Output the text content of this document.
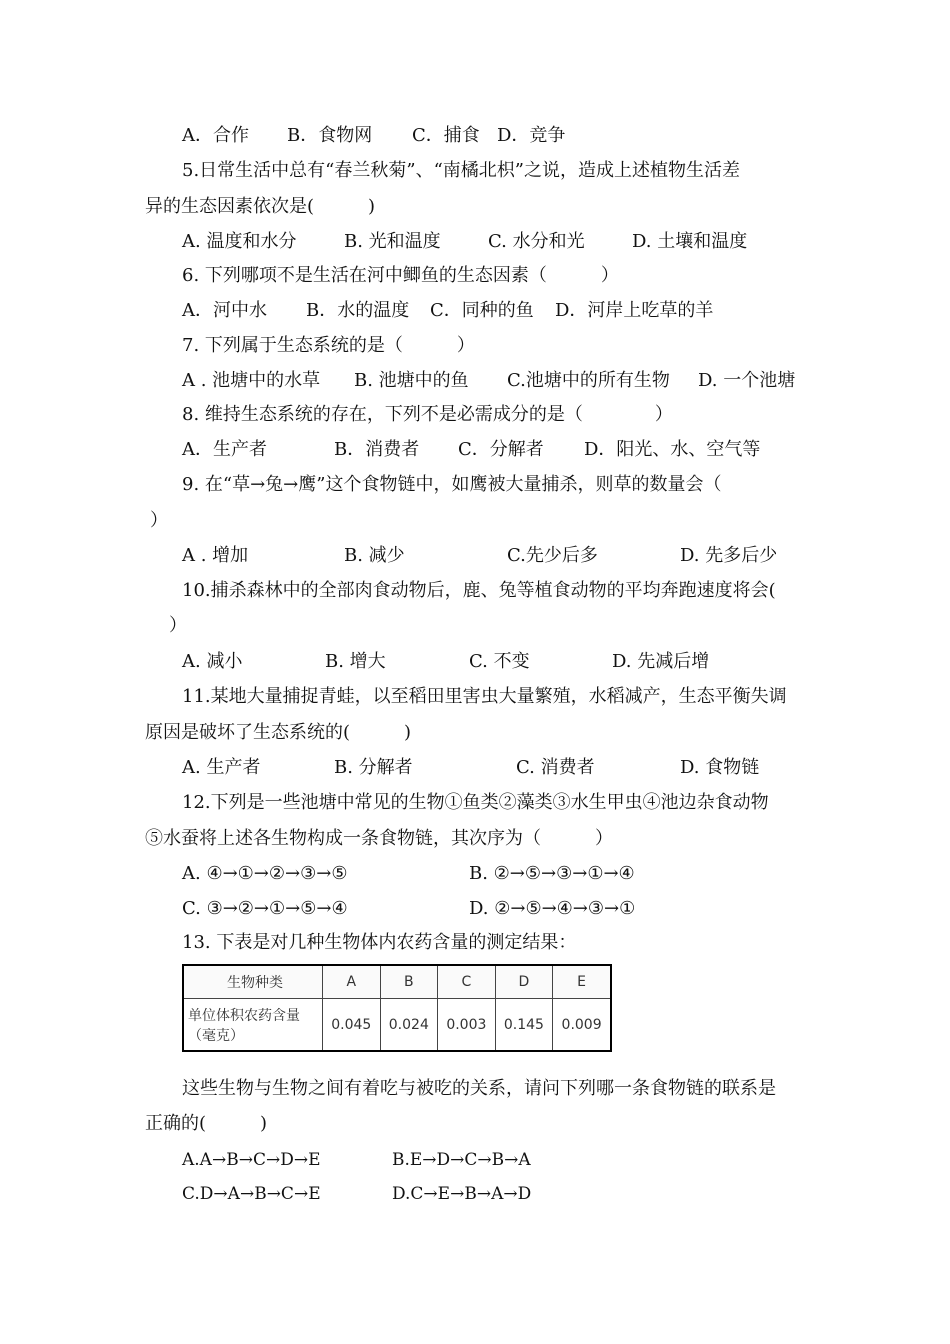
A．合作 B．食物网 C．捕食 D．竞争
5.日常生活中总有“春兰秋菊”、“南橘北枳”之说，造成上述植物生活差
异的生态因素依次是(　　　)
A. 温度和水分	B. 光和温度	C. 水分和光	D. 土壤和温度
6. 下列哪项不是生活在河中鲫鱼的生态因素（　　　）
A．河中水 B．水的温度 C．同种的鱼 D．河岸上吃草的羊
7. 下列属于生态系统的是（　　　）
A . 池塘中的水草 B. 池塘中的鱼 C.池塘中的所有生物 D. 一个池塘
8. 维持生态系统的存在，下列不是必需成分的是（　　　　）
A．生产者	B．消费者 C．分解者 D．阳光、水、空气等
9. 在“草→兔→鹰”这个食物链中，如鹰被大量捕杀，则草的数量会（
）
A . 增加	B. 减少	C.先少后多	D. 先多后少
10.捕杀森林中的全部肉食动物后，鹿、兔等植食动物的平均奔跑速度将会(
）
A. 减小	B. 增大	C. 不变	D. 先减后增
11.某地大量捕捉青蛙，以至稻田里害虫大量繁殖，水稻减产，生态平衡失调
原因是破坏了生态系统的(　　　)
A. 生产者	B. 分解者	C. 消费者	D. 食物链
12.下列是一些池塘中常见的生物①鱼类②藻类③水生甲虫④池边杂食动物
⑤水蚕将上述各生物构成一条食物链，其次序为（　　　）
A. ④→①→②→③→⑤	B. ②→⑤→③→①→④
C. ③→②→①→⑤→④	D. ②→⑤→④→③→①
13. 下表是对几种生物体内农药含量的测定结果：
生物种类	A	B	C	D	E

单位体积农药含量
（毫克）	0.045	0.024	0.003	0.145	0.009
这些生物与生物之间有着吃与被吃的关系，请问下列哪一条食物链的联系是
正确的(　　　)
A.A→B→C→D→E	B.E→D→C→B→A
C.D→A→B→C→E	D.C→E→B→A→D
